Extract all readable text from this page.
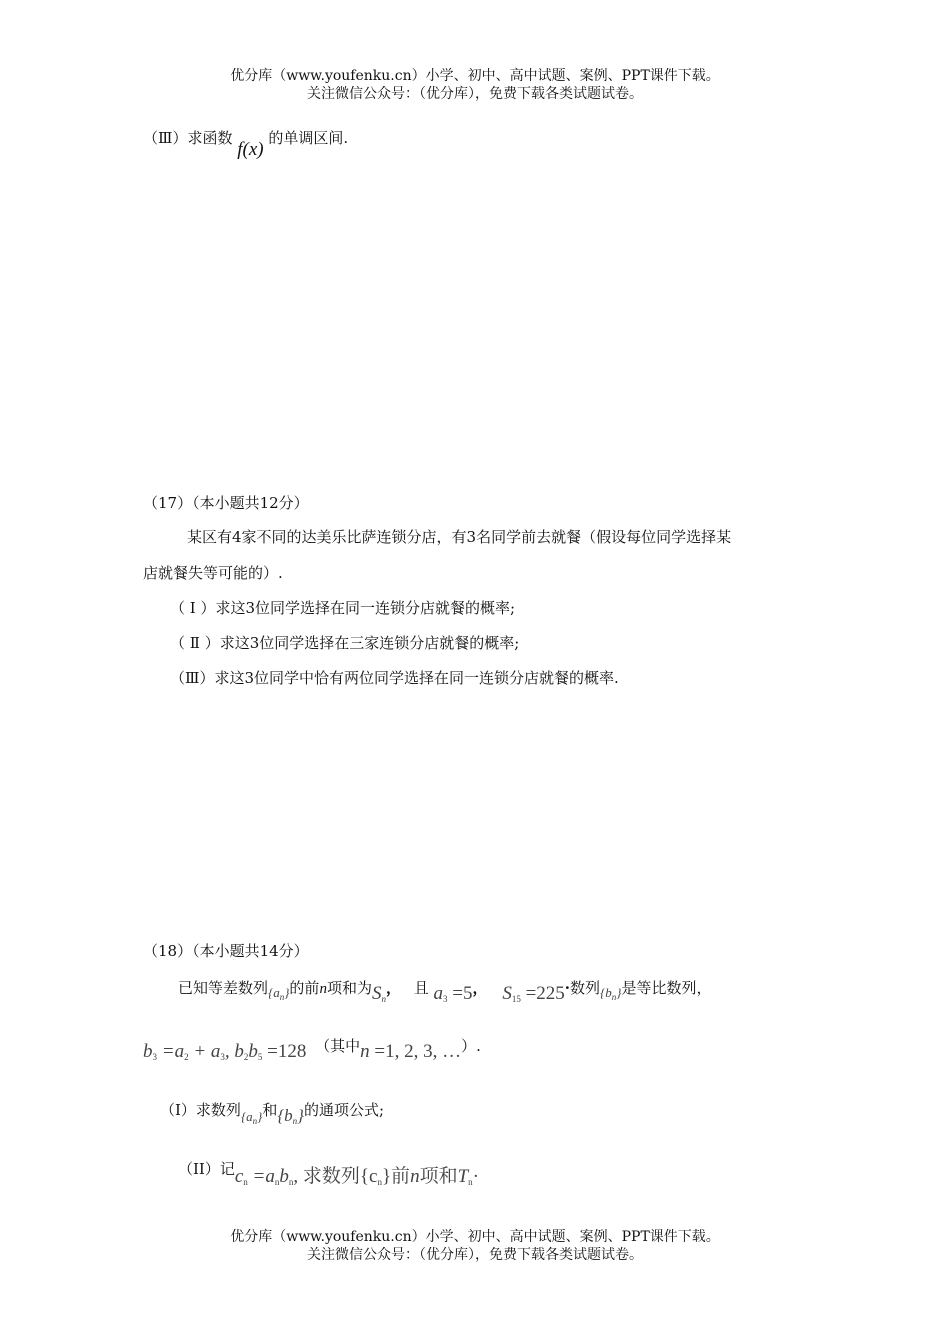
优分库（www.youfenku.cn）小学、初中、高中试题、案例、PPT课件下载。
关注微信公众号：（优分库），免费下载各类试题试卷。
（Ⅲ）求函数 f(x) 的单调区间.
（17）（本小题共12分）
某区有4家不同的达美乐比萨连锁分店，有3名同学前去就餐（假设每位同学选择某
店就餐失等可能的）.
（ Ⅰ ）求这3位同学选择在同一连锁分店就餐的概率;
（ Ⅱ ）求这3位同学选择在三家连锁分店就餐的概率;
（Ⅲ）求这3位同学中恰有两位同学选择在同一连锁分店就餐的概率.
（18）（本小题共14分）
已知等差数列$\{a_n\}$的前n项和为$S_n$， 且 $a_3 =5$， $S_{15} =225\cdot$数列$\{b_n\}$是等比数列，
$b_3 =a_2 + a_3$, $b_2b_5 =128$ （其中n =1, 2, 3, …）.
（I）求数列$\{a_n\}$和$\{b_n\}$的通项公式;
（II）记$c_n =a_nb_n$, 求数列$\{c_n\}$前n项和$T_n\cdot$
优分库（www.youfenku.cn）小学、初中、高中试题、案例、PPT课件下载。
关注微信公众号：（优分库），免费下载各类试题试卷。
